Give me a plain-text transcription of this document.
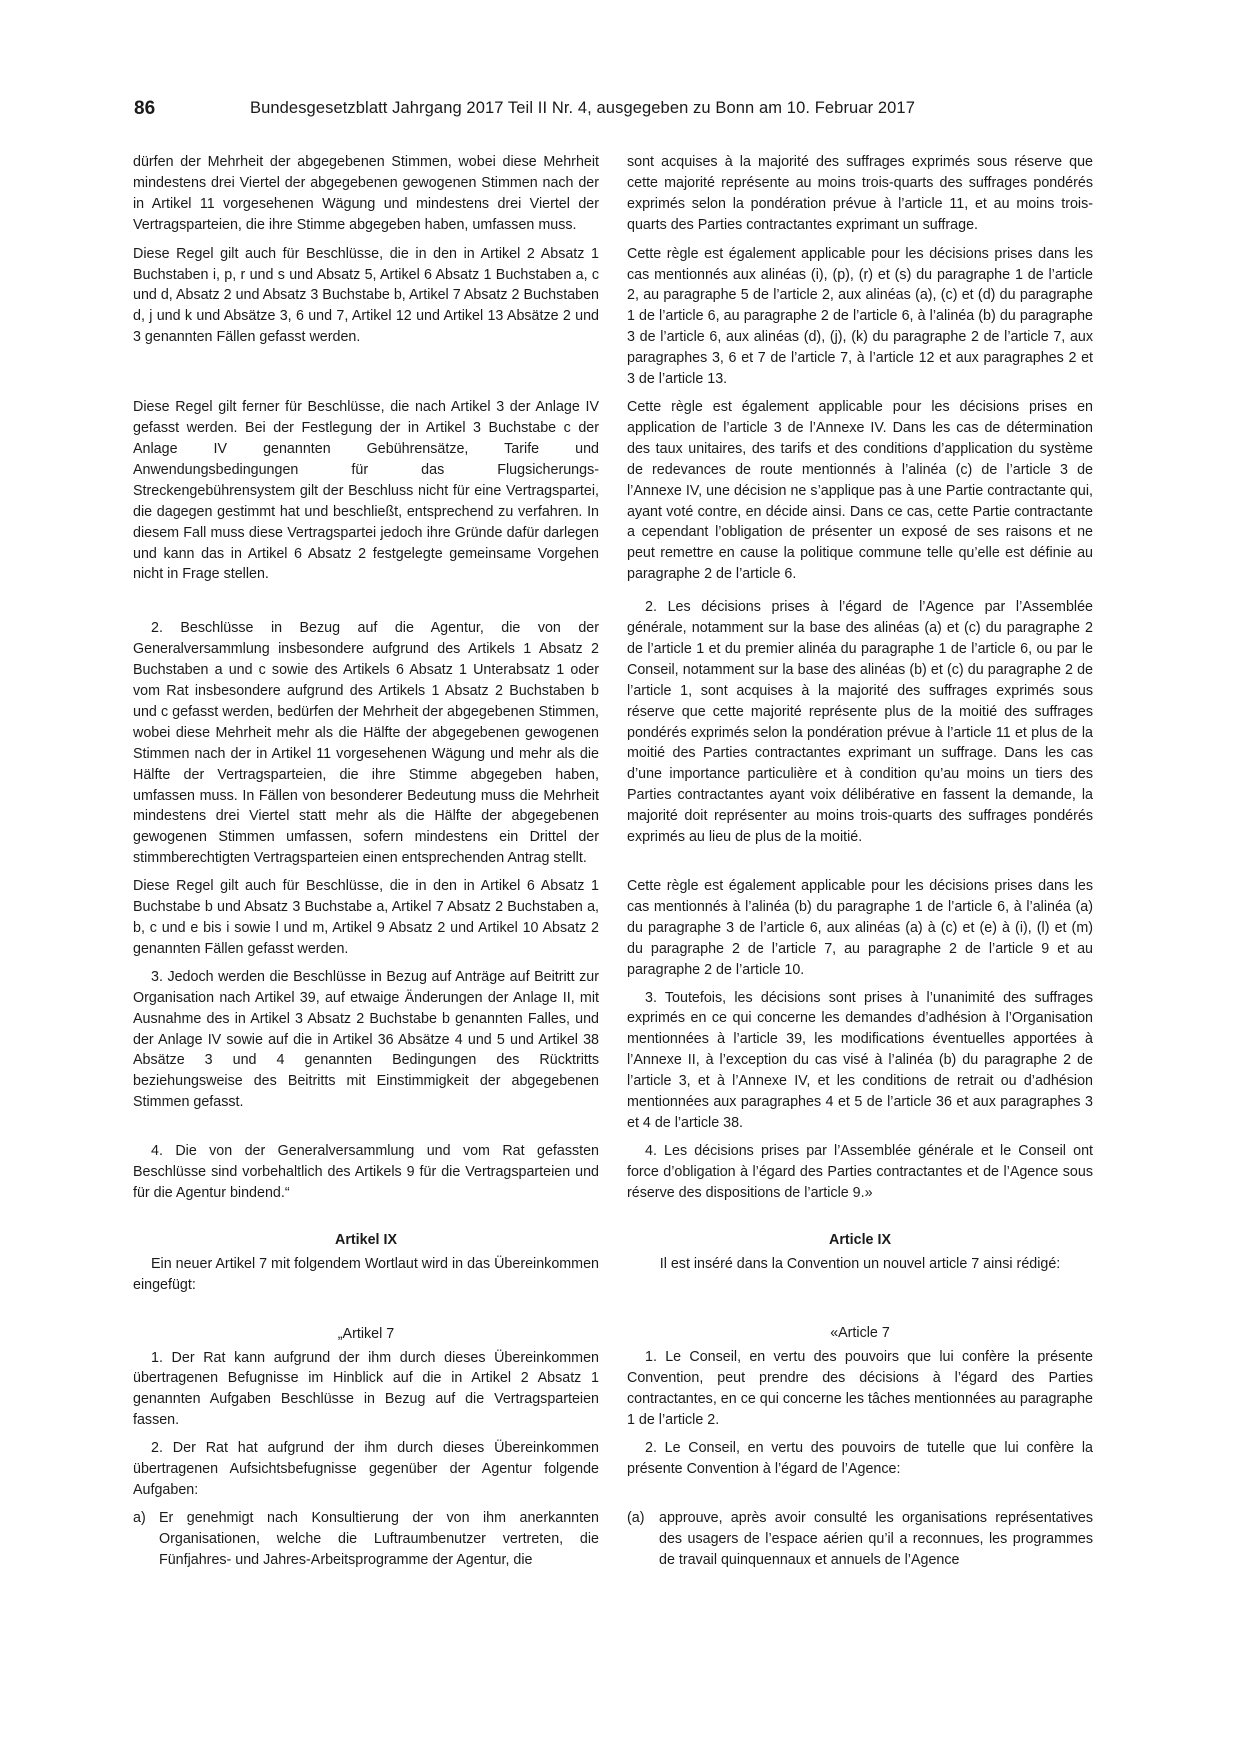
86	Bundesgesetzblatt Jahrgang 2017 Teil II Nr. 4, ausgegeben zu Bonn am 10. Februar 2017

dürfen der Mehrheit der abgegebenen Stimmen, wobei diese Mehrheit mindestens drei Viertel der abgegebenen gewogenen Stimmen nach der in Artikel 11 vorgesehenen Wägung und mindestens drei Viertel der Vertragsparteien, die ihre Stimme abgegeben haben, umfassen muss.

Diese Regel gilt auch für Beschlüsse, die in den in Artikel 2 Absatz 1 Buchstaben i, p, r und s und Absatz 5, Artikel 6 Absatz 1 Buchstaben a, c und d, Absatz 2 und Absatz 3 Buchstabe b, Artikel 7 Absatz 2 Buchstaben d, j und k und Absätze 3, 6 und 7, Artikel 12 und Artikel 13 Absätze 2 und 3 genannten Fällen gefasst werden.

Diese Regel gilt ferner für Beschlüsse, die nach Artikel 3 der Anlage IV gefasst werden. Bei der Festlegung der in Artikel 3 Buchstabe c der Anlage IV genannten Gebührensätze, Tarife und Anwendungsbedingungen für das Flugsicherungs-Streckengebührensystem gilt der Beschluss nicht für eine Vertragspartei, die dagegen gestimmt hat und beschließt, entsprechend zu verfahren. In diesem Fall muss diese Vertragspartei jedoch ihre Gründe dafür darlegen und kann das in Artikel 6 Absatz 2 festgelegte gemeinsame Vorgehen nicht in Frage stellen.

2. Beschlüsse in Bezug auf die Agentur, die von der Generalversammlung insbesondere aufgrund des Artikels 1 Absatz 2 Buchstaben a und c sowie des Artikels 6 Absatz 1 Unterabsatz 1 oder vom Rat insbesondere aufgrund des Artikels 1 Absatz 2 Buchstaben b und c gefasst werden, bedürfen der Mehrheit der abgegebenen Stimmen, wobei diese Mehrheit mehr als die Hälfte der abgegebenen gewogenen Stimmen nach der in Artikel 11 vorgesehenen Wägung und mehr als die Hälfte der Vertragsparteien, die ihre Stimme abgegeben haben, umfassen muss. In Fällen von besonderer Bedeutung muss die Mehrheit mindestens drei Viertel statt mehr als die Hälfte der abgegebenen gewogenen Stimmen umfassen, sofern mindestens ein Drittel der stimmberechtigten Vertragsparteien einen entsprechenden Antrag stellt.

Diese Regel gilt auch für Beschlüsse, die in den in Artikel 6 Absatz 1 Buchstabe b und Absatz 3 Buchstabe a, Artikel 7 Absatz 2 Buchstaben a, b, c und e bis i sowie l und m, Artikel 9 Absatz 2 und Artikel 10 Absatz 2 genannten Fällen gefasst werden.

3. Jedoch werden die Beschlüsse in Bezug auf Anträge auf Beitritt zur Organisation nach Artikel 39, auf etwaige Änderungen der Anlage II, mit Ausnahme des in Artikel 3 Absatz 2 Buchstabe b genannten Falles, und der Anlage IV sowie auf die in Artikel 36 Absätze 4 und 5 und Artikel 38 Absätze 3 und 4 genannten Bedingungen des Rücktritts beziehungsweise des Beitritts mit Einstimmigkeit der abgegebenen Stimmen gefasst.

4. Die von der Generalversammlung und vom Rat gefassten Beschlüsse sind vorbehaltlich des Artikels 9 für die Vertragsparteien und für die Agentur bindend.“

Artikel IX

Ein neuer Artikel 7 mit folgendem Wortlaut wird in das Übereinkommen eingefügt:

„Artikel 7

1. Der Rat kann aufgrund der ihm durch dieses Übereinkommen übertragenen Befugnisse im Hinblick auf die in Artikel 2 Absatz 1 genannten Aufgaben Beschlüsse in Bezug auf die Vertragsparteien fassen.

2. Der Rat hat aufgrund der ihm durch dieses Übereinkommen übertragenen Aufsichtsbefugnisse gegenüber der Agentur folgende Aufgaben:

a) Er genehmigt nach Konsultierung der von ihm anerkannten Organisationen, welche die Luftraumbenutzer vertreten, die Fünfjahres- und Jahres-Arbeitsprogramme der Agentur, die

sont acquises à la majorité des suffrages exprimés sous réserve que cette majorité représente au moins trois-quarts des suffrages pondérés exprimés selon la pondération prévue à l’article 11, et au moins trois-quarts des Parties contractantes exprimant un suffrage.

Cette règle est également applicable pour les décisions prises dans les cas mentionnés aux alinéas (i), (p), (r) et (s) du paragraphe 1 de l’article 2, au paragraphe 5 de l’article 2, aux alinéas (a), (c) et (d) du paragraphe 1 de l’article 6, au paragraphe 2 de l’article 6, à l’alinéa (b) du paragraphe 3 de l’article 6, aux alinéas (d), (j), (k) du paragraphe 2 de l’article 7, aux paragraphes 3, 6 et 7 de l’article 7, à l’article 12 et aux paragraphes 2 et 3 de l’article 13.

Cette règle est également applicable pour les décisions prises en application de l’article 3 de l’Annexe IV. Dans les cas de détermination des taux unitaires, des tarifs et des conditions d’application du système de redevances de route mentionnés à l’alinéa (c) de l’article 3 de l’Annexe IV, une décision ne s’applique pas à une Partie contractante qui, ayant voté contre, en décide ainsi. Dans ce cas, cette Partie contractante a cependant l’obligation de présenter un exposé de ses raisons et ne peut remettre en cause la politique commune telle qu’elle est définie au paragraphe 2 de l’article 6.

2. Les décisions prises à l’égard de l’Agence par l’Assemblée générale, notamment sur la base des alinéas (a) et (c) du paragraphe 2 de l’article 1 et du premier alinéa du paragraphe 1 de l’article 6, ou par le Conseil, notamment sur la base des alinéas (b) et (c) du paragraphe 2 de l’article 1, sont acquises à la majorité des suffrages exprimés sous réserve que cette majorité représente plus de la moitié des suffrages pondérés exprimés selon la pondération prévue à l’article 11 et plus de la moitié des Parties contractantes exprimant un suffrage. Dans les cas d’une importance particulière et à condition qu’au moins un tiers des Parties contractantes ayant voix délibérative en fassent la demande, la majorité doit représenter au moins trois-quarts des suffrages pondérés exprimés au lieu de plus de la moitié.

Cette règle est également applicable pour les décisions prises dans les cas mentionnés à l’alinéa (b) du paragraphe 1 de l’article 6, à l’alinéa (a) du paragraphe 3 de l’article 6, aux alinéas (a) à (c) et (e) à (i), (l) et (m) du paragraphe 2 de l’article 7, au paragraphe 2 de l’article 9 et au paragraphe 2 de l’article 10.

3. Toutefois, les décisions sont prises à l’unanimité des suffrages exprimés en ce qui concerne les demandes d’adhésion à l’Organisation mentionnées à l’article 39, les modifications éventuelles apportées à l’Annexe II, à l’exception du cas visé à l’alinéa (b) du paragraphe 2 de l’article 3, et à l’Annexe IV, et les conditions de retrait ou d’adhésion mentionnées aux paragraphes 4 et 5 de l’article 36 et aux paragraphes 3 et 4 de l’article 38.

4. Les décisions prises par l’Assemblée générale et le Conseil ont force d’obligation à l’égard des Parties contractantes et de l’Agence sous réserve des dispositions de l’article 9.»

Article IX

Il est inséré dans la Convention un nouvel article 7 ainsi rédigé:

«Article 7

1. Le Conseil, en vertu des pouvoirs que lui confère la présente Convention, peut prendre des décisions à l’égard des Parties contractantes, en ce qui concerne les tâches mentionnées au paragraphe 1 de l’article 2.

2. Le Conseil, en vertu des pouvoirs de tutelle que lui confère la présente Convention à l’égard de l’Agence:

(a)	approuve, après avoir consulté les organisations représentatives des usagers de l’espace aérien qu’il a reconnues, les programmes de travail quinquennaux et annuels de l’Agence
